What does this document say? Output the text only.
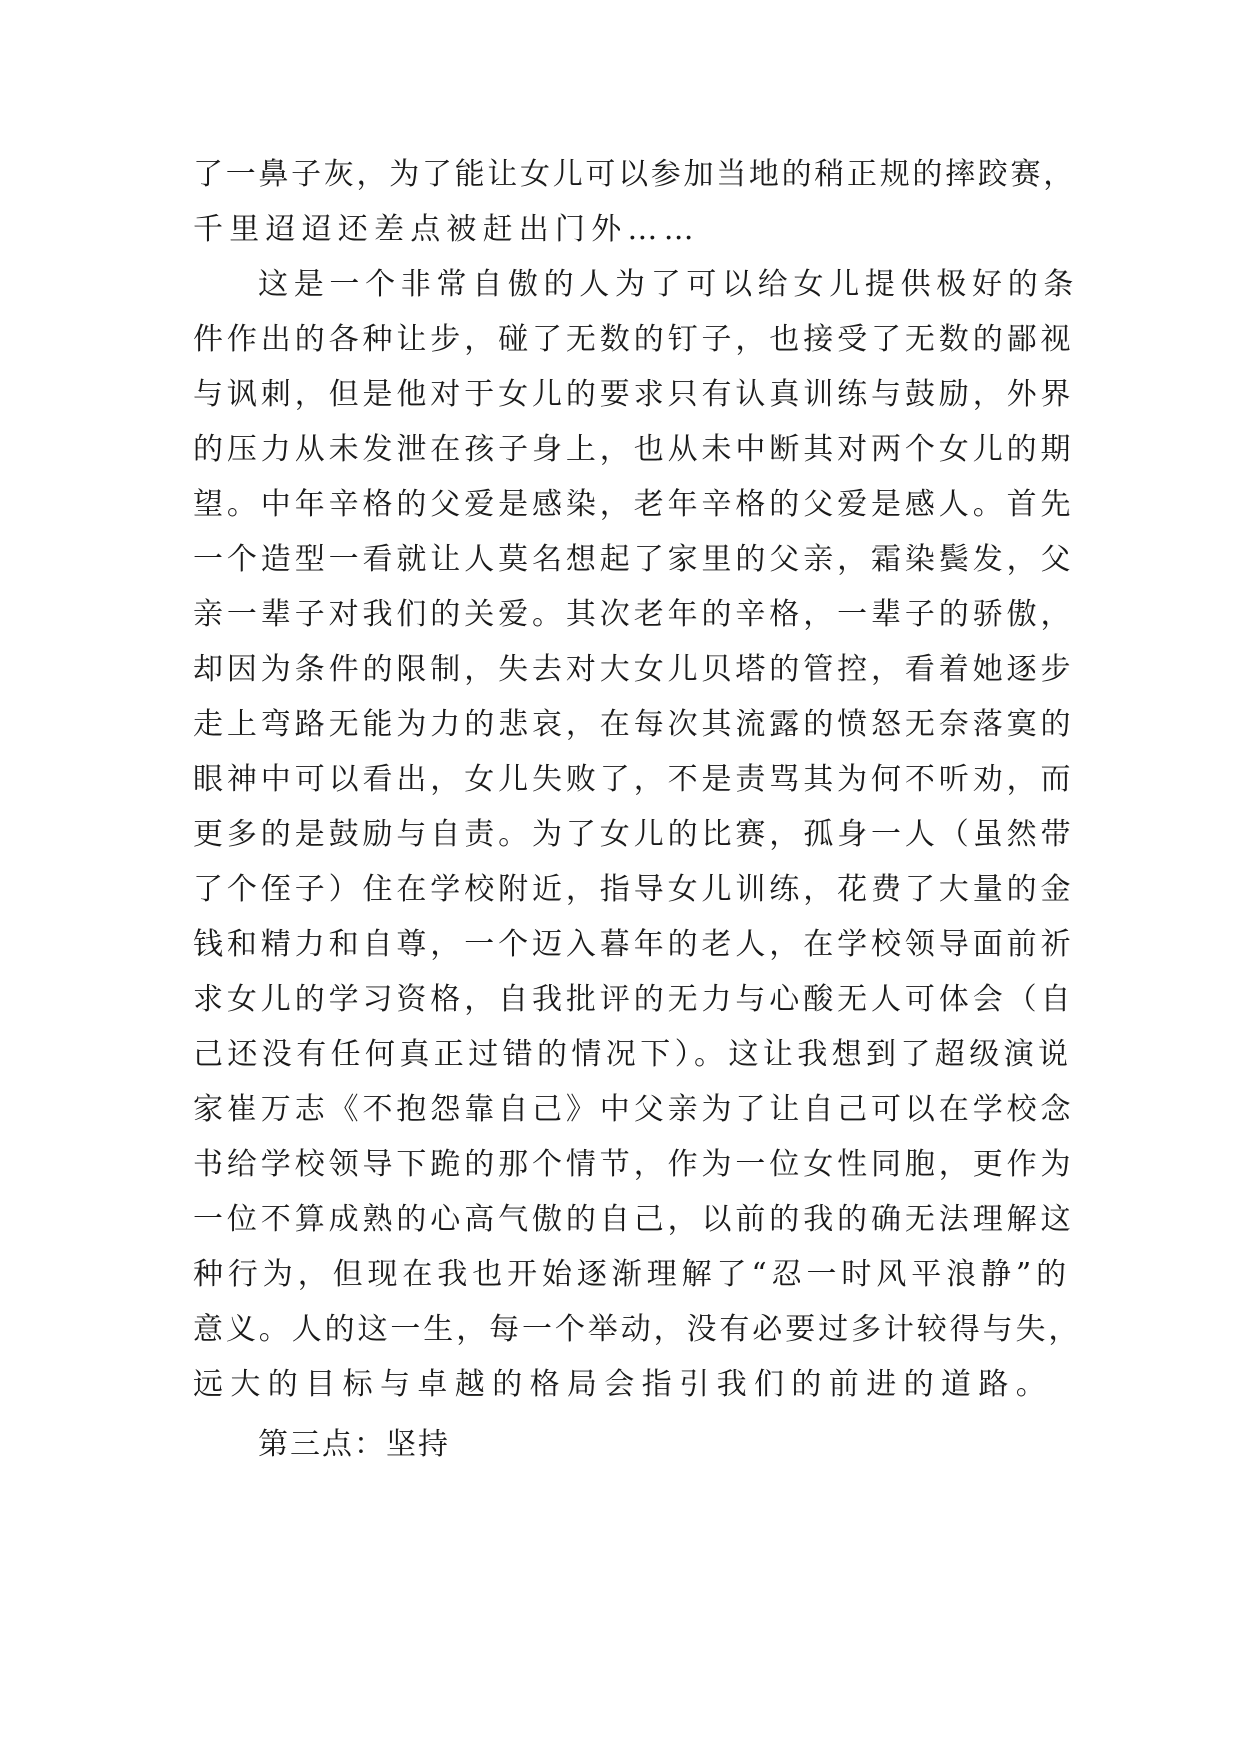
了一鼻子灰，为了能让女儿可以参加当地的稍正规的摔跤赛，
千里迢迢还差点被赶出门外……
这是一个非常自傲的人为了可以给女儿提供极好的条
件作出的各种让步，碰了无数的钉子，也接受了无数的鄙视
与讽刺，但是他对于女儿的要求只有认真训练与鼓励，外界
的压力从未发泄在孩子身上，也从未中断其对两个女儿的期
望。中年辛格的父爱是感染，老年辛格的父爱是感人。首先
一个造型一看就让人莫名想起了家里的父亲，霜染鬓发，父
亲一辈子对我们的关爱。其次老年的辛格，一辈子的骄傲，
却因为条件的限制，失去对大女儿贝塔的管控，看着她逐步
走上弯路无能为力的悲哀，在每次其流露的愤怒无奈落寞的
眼神中可以看出，女儿失败了，不是责骂其为何不听劝，而
更多的是鼓励与自责。为了女儿的比赛，孤身一人（虽然带
了个侄子）住在学校附近，指导女儿训练，花费了大量的金
钱和精力和自尊，一个迈入暮年的老人，在学校领导面前祈
求女儿的学习资格，自我批评的无力与心酸无人可体会（自
己还没有任何真正过错的情况下）。这让我想到了超级演说
家崔万志《不抱怨靠自己》中父亲为了让自己可以在学校念
书给学校领导下跪的那个情节，作为一位女性同胞，更作为
一位不算成熟的心高气傲的自己，以前的我的确无法理解这
种行为，但现在我也开始逐渐理解了“忍一时风平浪静”的
意义。人的这一生，每一个举动，没有必要过多计较得与失，
远大的目标与卓越的格局会指引我们的前进的道路。
第三点：坚持
